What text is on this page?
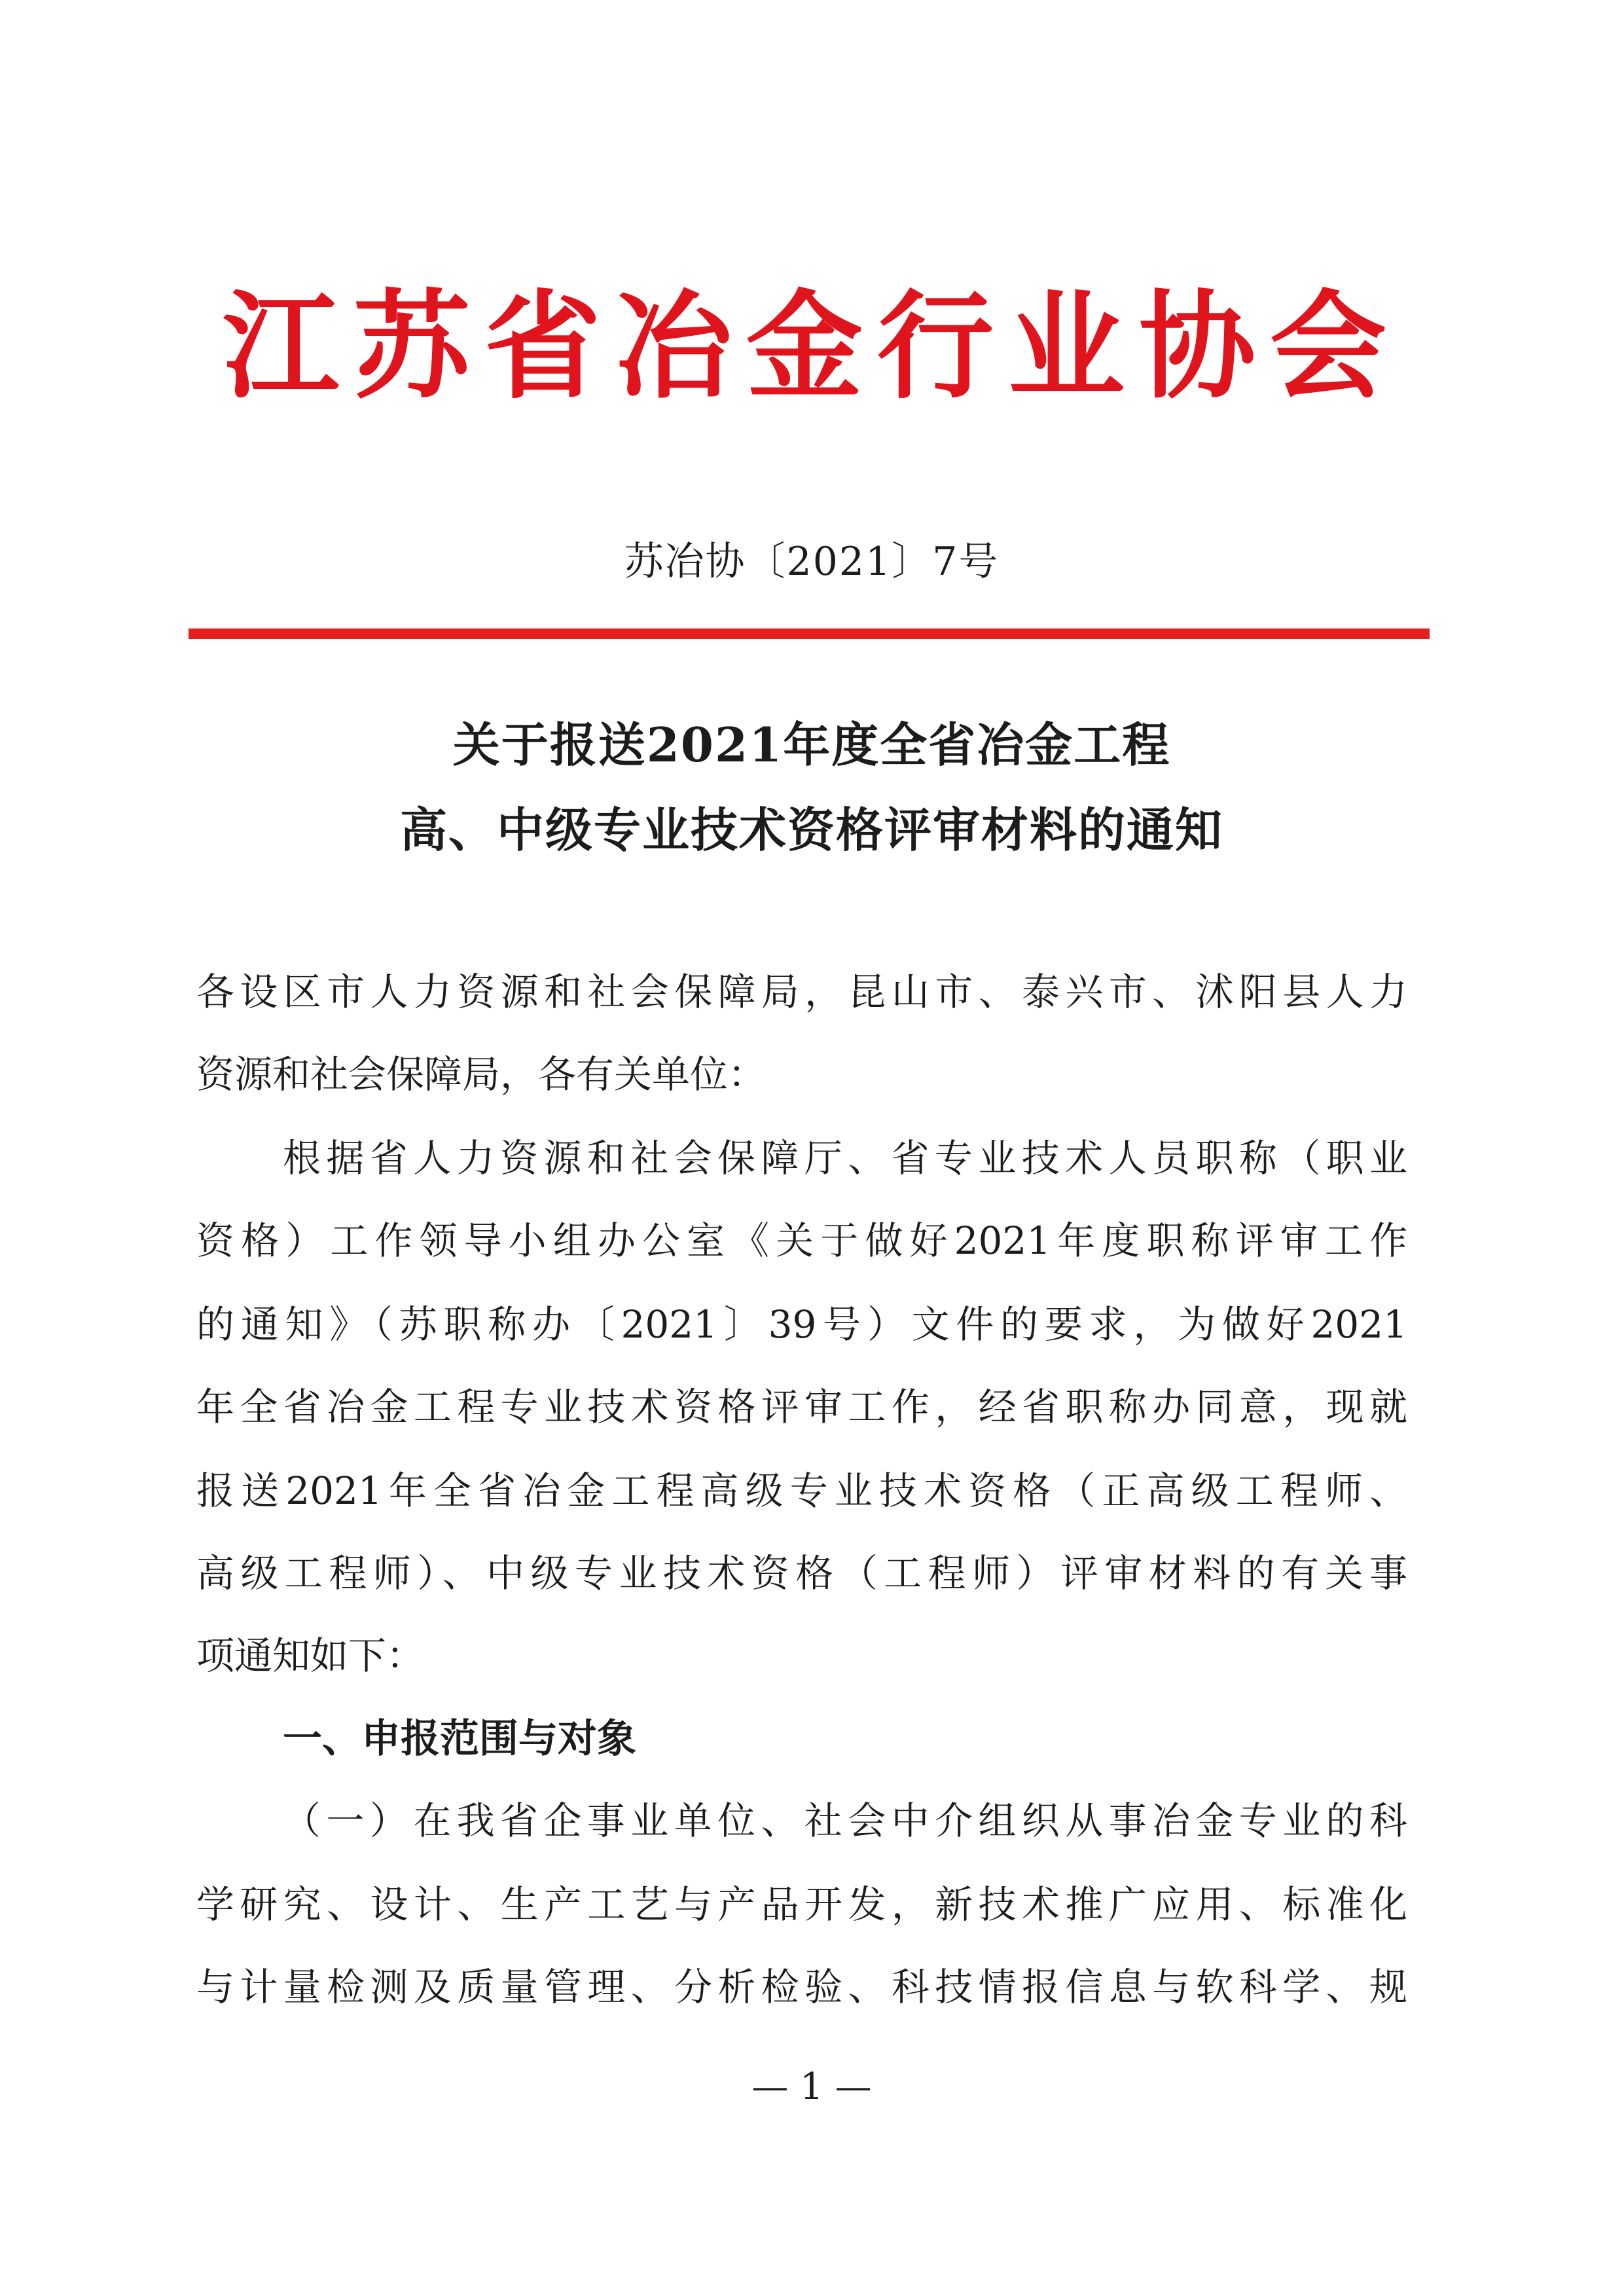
江苏省冶金行业协会
苏冶协〔2021〕7号
关于报送2021年度全省冶金工程
高、中级专业技术资格评审材料的通知
各设区市人力资源和社会保障局，昆山市、泰兴市、沭阳县人力
资源和社会保障局，各有关单位：
根据省人力资源和社会保障厅、省专业技术人员职称（职业
资格）工作领导小组办公室《关于做好2021年度职称评审工作
的通知》（苏职称办〔2021〕39号）文件的要求，为做好2021
年全省冶金工程专业技术资格评审工作，经省职称办同意，现就
报送2021年全省冶金工程高级专业技术资格（正高级工程师、
高级工程师）、中级专业技术资格（工程师）评审材料的有关事
项通知如下：
一、申报范围与对象
（一）在我省企事业单位、社会中介组织从事冶金专业的科
学研究、设计、生产工艺与产品开发，新技术推广应用、标准化
与计量检测及质量管理、分析检验、科技情报信息与软科学、规
— 1 —
